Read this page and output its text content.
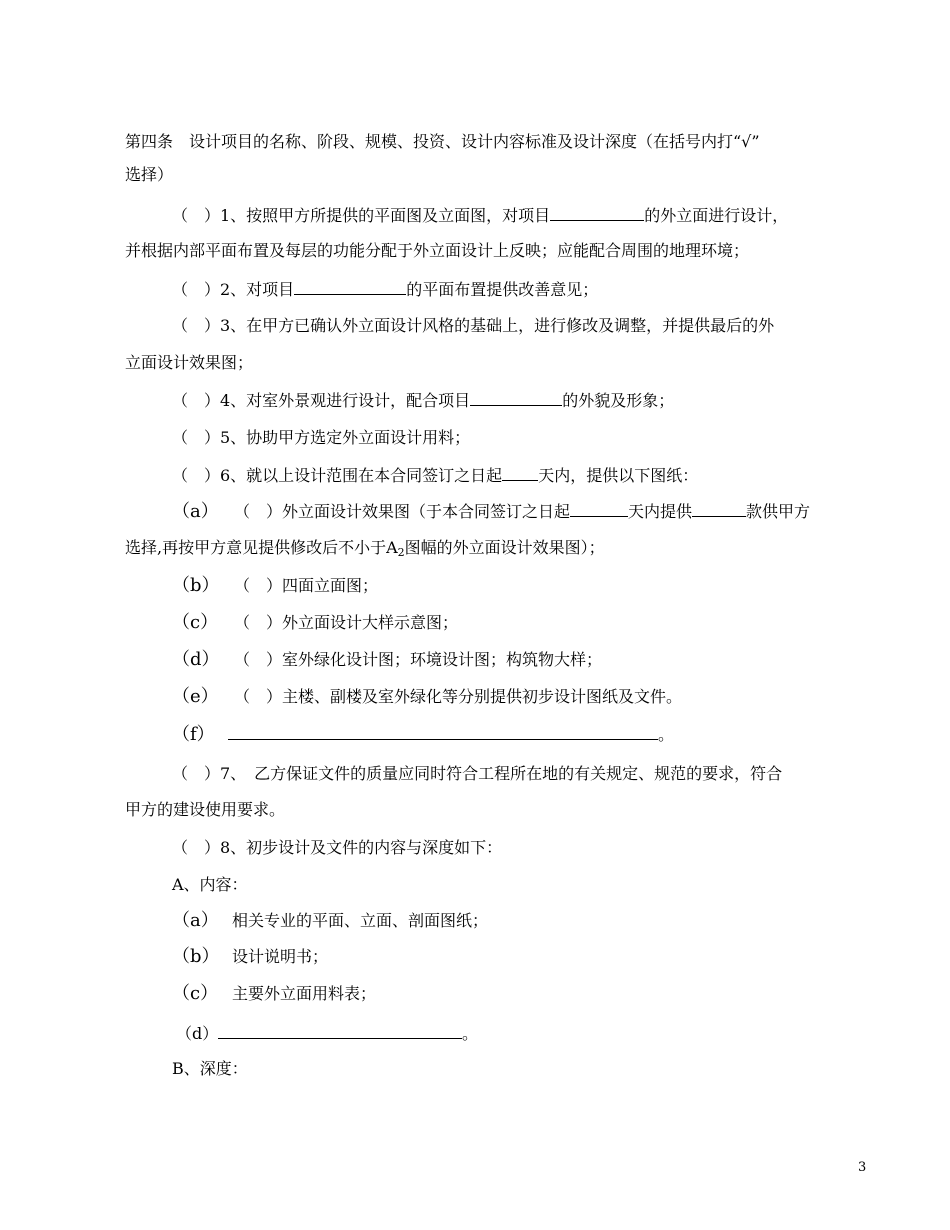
第四条　设计项目的名称、阶段、规模、投资、设计内容标准及设计深度（在括号内打“√”
选择）
（　）1、按照甲方所提供的平面图及立面图，对项目	的外立面进行设计，
并根据内部平面布置及每层的功能分配于外立面设计上反映；应能配合周围的地理环境；
（　）2、对项目	的平面布置提供改善意见；
（　）3、在甲方已确认外立面设计风格的基础上，进行修改及调整，并提供最后的外
立面设计效果图；
（　）4、对室外景观进行设计，配合项目	的外貌及形象；
（　）5、协助甲方选定外立面设计用料；
（　）6、就以上设计范围在本合同签订之日起 天内，提供以下图纸：
（a） （　）外立面设计效果图（于本合同签订之日起	天内提供	款供甲方
选择,再按甲方意见提供修改后不小于$A_2$图幅的外立面设计效果图）；
（b） （　）四面立面图；
（c） （　）外立面设计大样示意图；
（d） （　）室外绿化设计图；环境设计图；构筑物大样；
（e） （　）主楼、副楼及室外绿化等分别提供初步设计图纸及文件。
（f）	。
（　）7、　乙方保证文件的质量应同时符合工程所在地的有关规定、规范的要求，符合
甲方的建设使用要求。
（　）8、初步设计及文件的内容与深度如下：
A、内容：
（a） 相关专业的平面、立面、剖面图纸；
（b） 设计说明书；
（c） 主要外立面用料表；
（d）	。
B、深度：
3
